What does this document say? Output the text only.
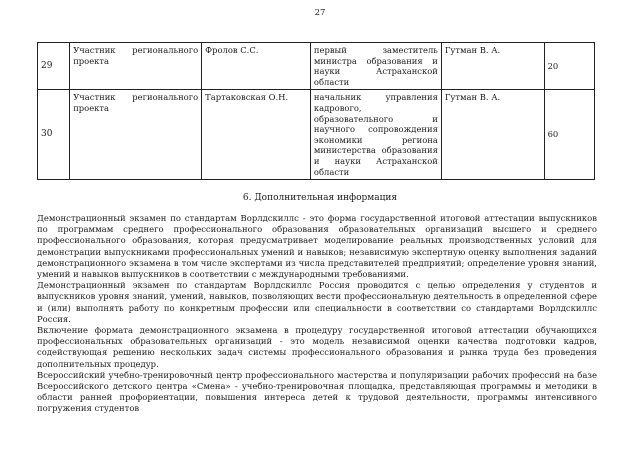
27
29	Участник регионального проекта	Фролов С.С.	первый заместитель министра образования и науки Астраханской области	Гутман В. А.	20
30	Участник регионального проекта	Тартаковская О.Н.	начальник управления кадрового, образовательного и научного сопровождения экономики региона министерства образования и науки Астраханской области	Гутман В. А.	60
6. Дополнительная информация

Демонстрационный экзамен по стандартам Ворлдскиллс - это форма государственной итоговой аттестации выпускников по программам среднего профессионального образования образовательных организаций высшего и среднего профессионального образования, которая предусматривает моделирование реальных производственных условий для демонстрации выпускниками профессиональных умений и навыков; независимую экспертную оценку выполнения заданий демонстрационного экзамена в том числе экспертами из числа представителей предприятий; определение уровня знаний, умений и навыков выпускников в соответствии с международными требованиями.

Демонстрационный экзамен по стандартам Ворлдскиллс Россия проводится с целью определения у студентов и выпускников уровня знаний, умений, навыков, позволяющих вести профессиональную деятельность в определенной сфере и (или) выполнять работу по конкретным профессии или специальности в соответствии со стандартами Ворлдскиллс Россия.

Включение формата демонстрационного экзамена в процедуру государственной итоговой аттестации обучающихся профессиональных образовательных организаций - это модель независимой оценки качества подготовки кадров, содействующая решению нескольких задач системы профессионального образования и рынка труда без проведения дополнительных процедур.

Всероссийский учебно-тренировочный центр профессионального мастерства и популяризации рабочих профессий на базе Всероссийского детского центра «Смена» - учебно-тренировочная площадка, представляющая программы и методики в области ранней профориентации, повышения интереса детей к трудовой деятельности, программы интенсивного погружения студентов
